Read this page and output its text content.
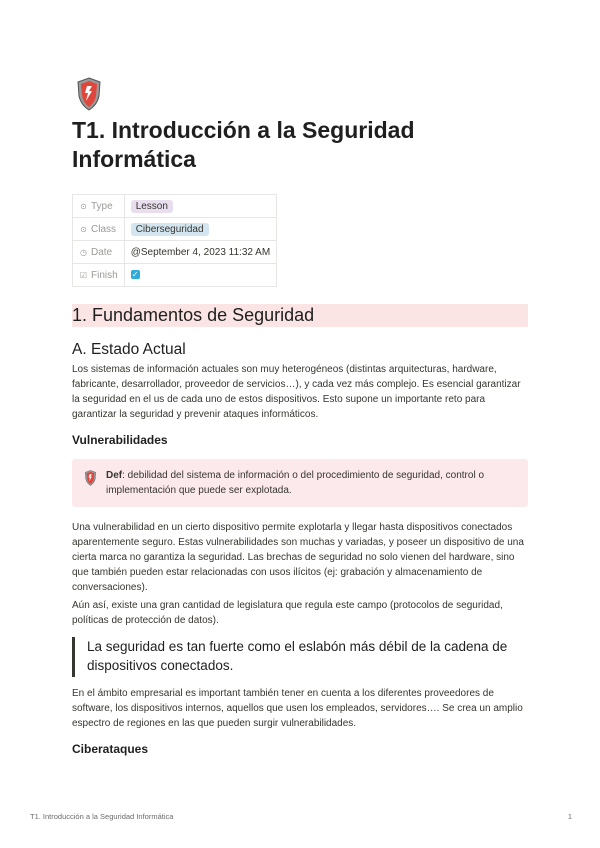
T1. Introducción a la Seguridad Informática
⊙ Type	Lesson
⊙ Class	Ciberseguridad
◷ Date	@September 4, 2023 11:32 AM
☑ Finish	✓
1. Fundamentos de Seguridad
A. Estado Actual

Los sistemas de información actuales son muy heterogéneos (distintas arquitecturas, hardware, fabricante, desarrollador, proveedor de servicios…), y cada vez más complejo. Es esencial garantizar la seguridad en el us de cada uno de estos dispositivos. Esto supone un importante reto para garantizar la seguridad y prevenir ataques informáticos.

Vulnerabilidades
Def: debilidad del sistema de información o del procedimiento de seguridad, control o implementación que puede ser explotada.

Una vulnerabilidad en un cierto dispositivo permite explotarla y llegar hasta dispositivos conectados aparentemente seguro. Estas vulnerabilidades son muchas y variadas, y poseer un dispositivo de una cierta marca no garantiza la seguridad. Las brechas de seguridad no solo vienen del hardware, sino que también pueden estar relacionadas con usos ilícitos (ej: grabación y almacenamiento de conversaciones).

Aún así, existe una gran cantidad de legislatura que regula este campo (protocolos de seguridad, políticas de protección de datos).

La seguridad es tan fuerte como el eslabón más débil de la cadena de dispositivos conectados.

En el ámbito empresarial es important también tener en cuenta a los diferentes proveedores de software, los dispositivos internos, aquellos que usen los empleados, servidores…. Se crea un amplio espectro de regiones en las que pueden surgir vulnerabilidades.

Ciberataques
T1. Introducción a la Seguridad Informática	1
